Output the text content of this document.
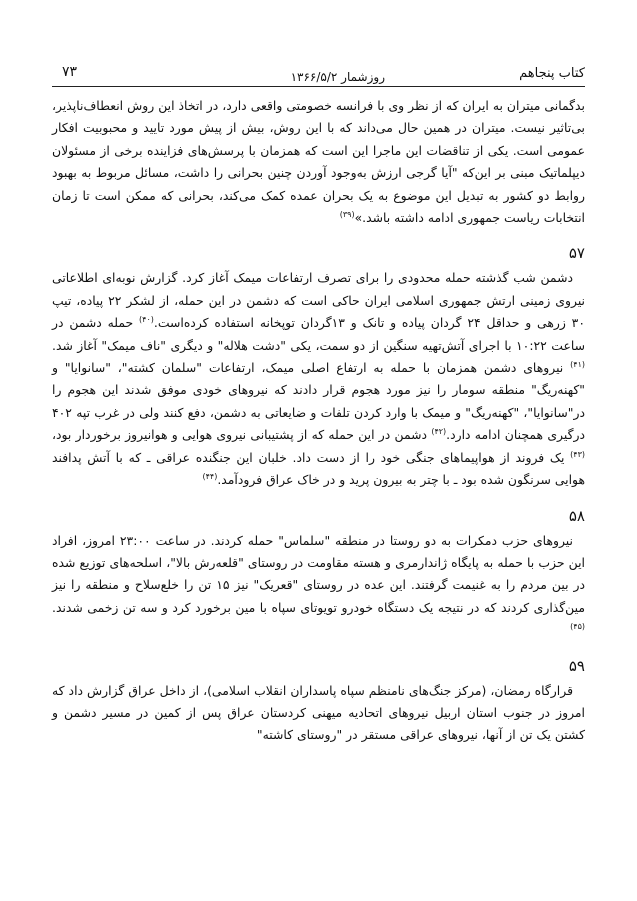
کتاب پنجاهم
روزشمار ۱۳۶۶/۵/۲
۷۳

بدگمانی میتران به ایران که از نظر وی با فرانسه خصومتی واقعی دارد، در اتخاذ این روش انعطاف‌ناپذیر، بی‌تاثیر نیست. میتران در همین حال می‌داند که با این روش، بیش از پیش مورد تایید و محبوبیت افکار عمومی است. یکی از تناقضات این ماجرا این است که همزمان با پرسش‌های فزاینده برخی از مسئولان دیپلماتیک مبنی بر این‌که "آیا گرجی ارزش به‌وجود آوردن چنین بحرانی را داشت، مسائل مربوط به بهبود روابط دو کشور به تبدیل این موضوع به یک بحران عمده کمک می‌کند، بحرانی که ممکن است تا زمان انتخابات ریاست جمهوری ادامه داشته باشد.»$^{(۳۹)}$

۵۷

دشمن شب گذشته حمله محدودی را برای تصرف ارتفاعات میمک آغاز کرد. گزارش نوبه‌ای اطلاعاتی نیروی زمینی ارتش جمهوری اسلامی ایران حاکی است که دشمن در این حمله، از لشکر ۲۲ پیاده، تیپ ۳۰ زرهی و حداقل ۲۴ گردان پیاده و تانک و ۱۳گردان توپخانه استفاده کرده‌است.$^{(۴۰)}$ حمله دشمن در ساعت ۱۰:۲۲ با اجرای آتش‌تهیه سنگین از دو سمت، یکی "دشت هلاله" و دیگری "ناف میمک" آغاز شد.$^{(۴۱)}$ نیروهای دشمن همزمان با حمله به ارتفاع اصلی میمک، ارتفاعات "سلمان کشته"، "سانوایا" و "کهنه‌ریگ" منطقه سومار را نیز مورد هجوم قرار دادند که نیروهای خودی موفق شدند این هجوم را در"سانوایا"، "کهنه‌ریگ" و میمک با وارد کردن تلفات و ضایعاتی به دشمن، دفع کنند ولی در غرب تپه ۴۰۲ درگیری همچنان ادامه دارد.$^{(۴۲)}$ دشمن در این حمله که از پشتیبانی نیروی هوایی و هوانیروز برخوردار بود،$^{(۴۳)}$ یک فروند از هواپیماهای جنگی خود را از دست داد. خلبان این جنگنده عراقی ـ که با آتش پدافند هوایی سرنگون شده بود ـ با چتر به بیرون پرید و در خاک عراق فرودآمد.$^{(۴۴)}$

۵۸

نیروهای حزب دمکرات به دو روستا در منطقه "سلماس" حمله کردند. در ساعت ۲۳:۰۰ امروز، افراد این حزب با حمله به پایگاه ژاندارمری و هسته مقاومت در روستای "قلعه‌رش بالا"، اسلحه‌های توزیع شده در بین مردم را به غنیمت گرفتند. این عده در روستای "قعریک" نیز ۱۵ تن را خلع‌سلاح و منطقه را نیز مین‌گذاری کردند که در نتیجه یک دستگاه خودرو تویوتای سپاه با مین برخورد کرد و سه تن زخمی شدند.$^{(۴۵)}$

۵۹

قرارگاه رمضان، (مرکز جنگ‌های نامنظم سپاه پاسداران انقلاب اسلامی)، از داخل عراق گزارش داد که امروز در جنوب استان اربیل نیروهای اتحادیه میهنی کردستان عراق پس از کمین در مسیر دشمن و کشتن یک تن از آنها، نیروهای عراقی مستقر در "روستای کاشته"
